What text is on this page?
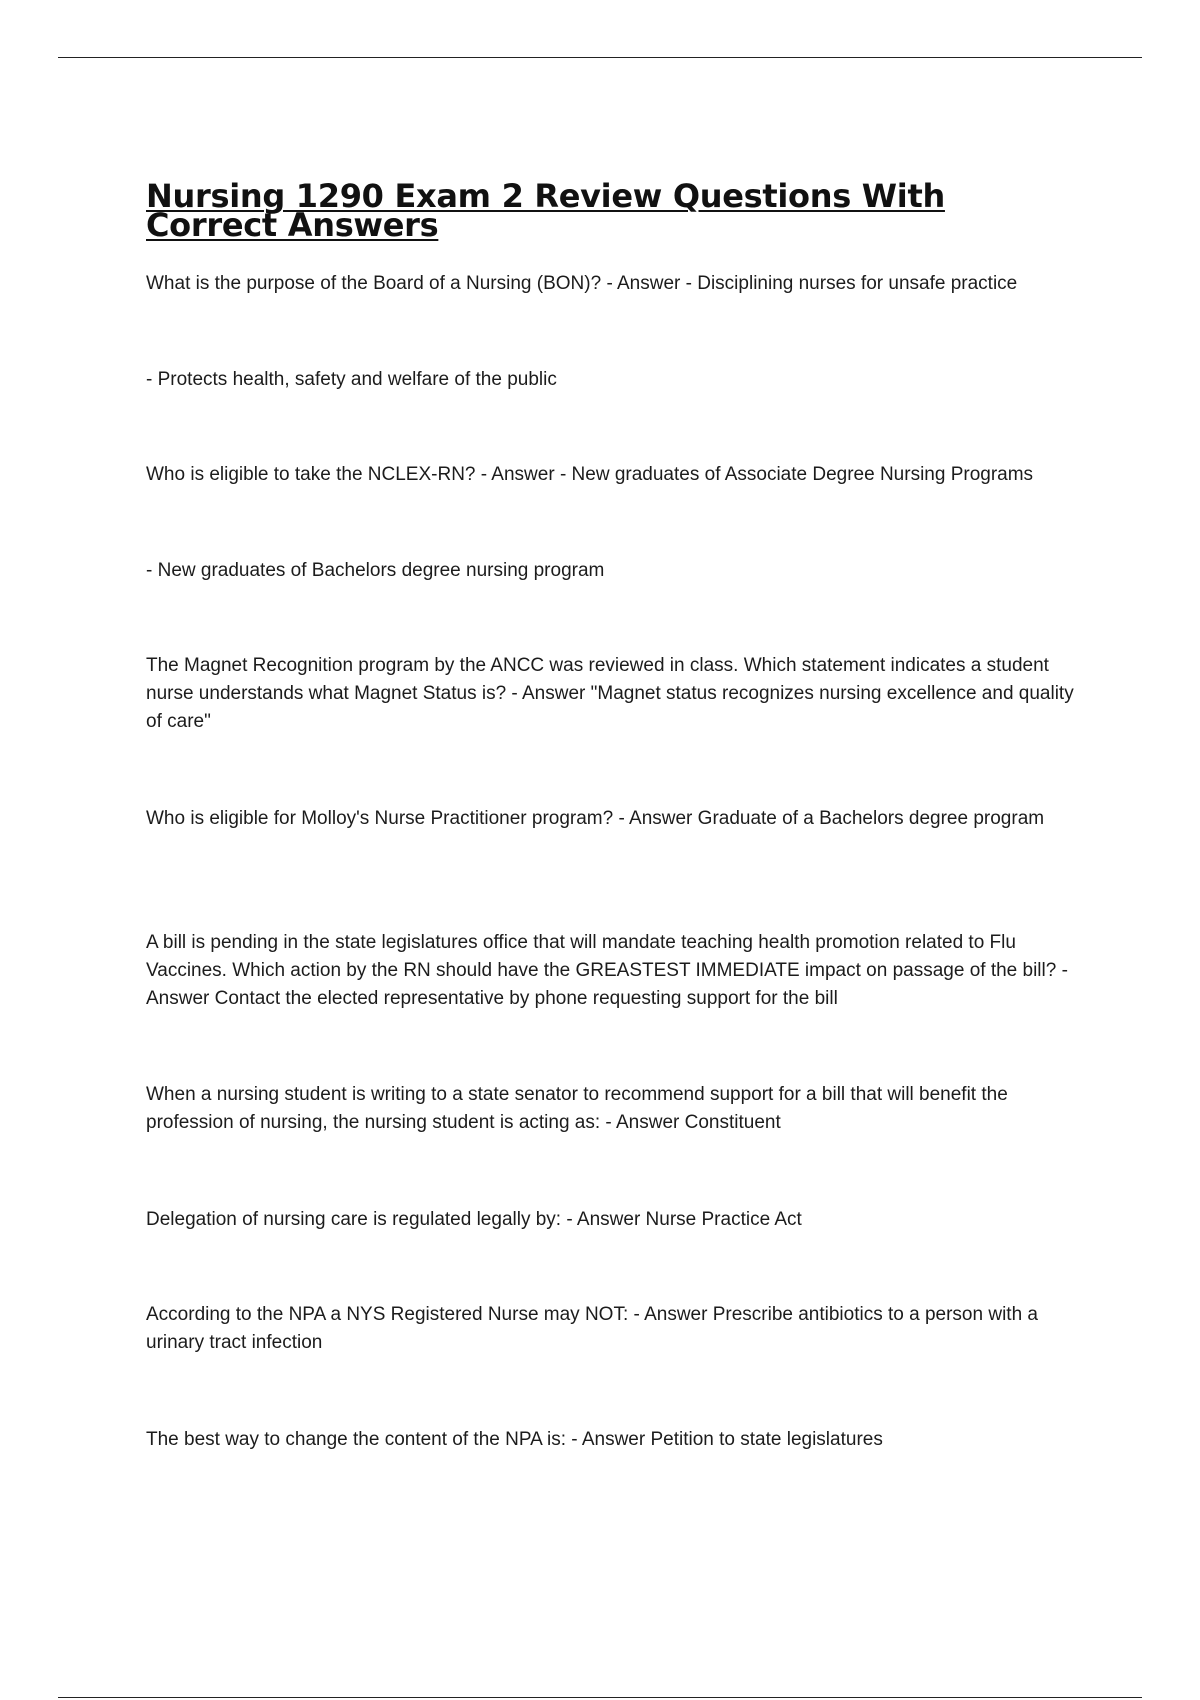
Nursing 1290 Exam 2 Review Questions With Correct Answers

What is the purpose of the Board of a Nursing (BON)? - Answer - Disciplining nurses for unsafe practice

- Protects health, safety and welfare of the public

Who is eligible to take the NCLEX-RN? - Answer - New graduates of Associate Degree Nursing Programs

- New graduates of Bachelors degree nursing program

The Magnet Recognition program by the ANCC was reviewed in class. Which statement indicates a student nurse understands what Magnet Status is? - Answer "Magnet status recognizes nursing excellence and quality of care"

Who is eligible for Molloy's Nurse Practitioner program? - Answer Graduate of a Bachelors degree program

A bill is pending in the state legislatures office that will mandate teaching health promotion related to Flu Vaccines. Which action by the RN should have the GREASTEST IMMEDIATE impact on passage of the bill? - Answer Contact the elected representative by phone requesting support for the bill

When a nursing student is writing to a state senator to recommend support for a bill that will benefit the profession of nursing, the nursing student is acting as: - Answer Constituent

Delegation of nursing care is regulated legally by: - Answer Nurse Practice Act

According to the NPA a NYS Registered Nurse may NOT: - Answer Prescribe antibiotics to a person with a urinary tract infection

The best way to change the content of the NPA is: - Answer Petition to state legislatures
